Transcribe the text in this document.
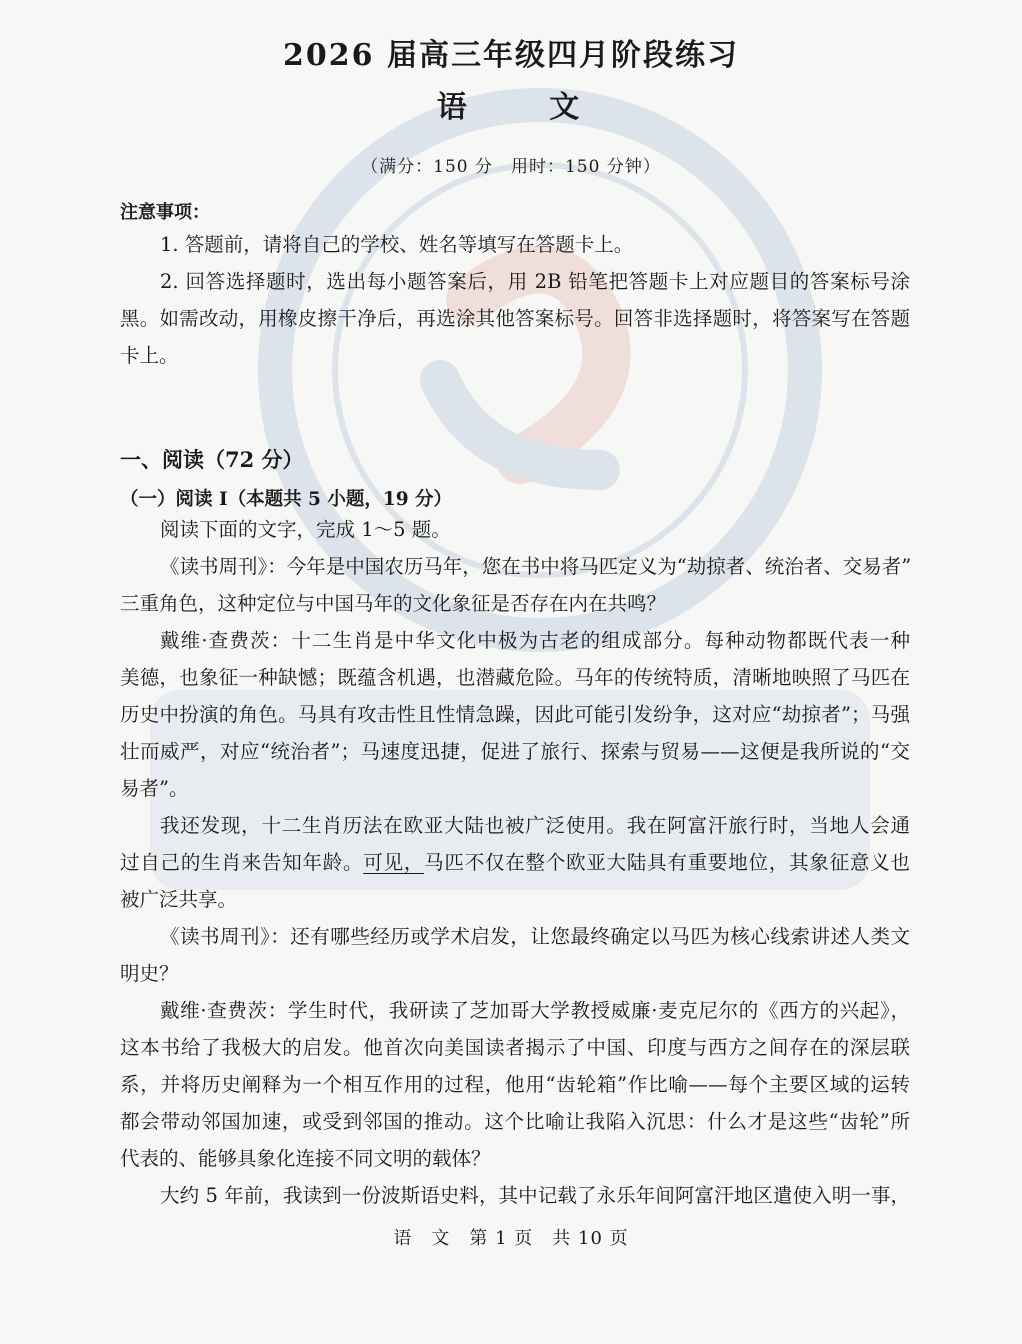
2026 届高三年级四月阶段练习
语 文
（满分：150 分　用时：150 分钟）
注意事项：
1. 答题前，请将自己的学校、姓名等填写在答题卡上。
2. 回答选择题时，选出每小题答案后，用 2B 铅笔把答题卡上对应题目的答案标号涂
黑。如需改动，用橡皮擦干净后，再选涂其他答案标号。回答非选择题时，将答案写在答题
卡上。
一、阅读（72 分）
（一）阅读 Ⅰ（本题共 5 小题，19 分）
阅读下面的文字，完成 1～5 题。
《读书周刊》：今年是中国农历马年，您在书中将马匹定义为“劫掠者、统治者、交易者”
三重角色，这种定位与中国马年的文化象征是否存在内在共鸣？
戴维·查费茨：十二生肖是中华文化中极为古老的组成部分。每种动物都既代表一种
美德，也象征一种缺憾；既蕴含机遇，也潜藏危险。马年的传统特质，清晰地映照了马匹在
历史中扮演的角色。马具有攻击性且性情急躁，因此可能引发纷争，这对应“劫掠者”；马强
壮而威严，对应“统治者”；马速度迅捷，促进了旅行、探索与贸易——这便是我所说的“交
易者”。
我还发现，十二生肖历法在欧亚大陆也被广泛使用。我在阿富汗旅行时，当地人会通
过自己的生肖来告知年龄。可见，马匹不仅在整个欧亚大陆具有重要地位，其象征意义也
被广泛共享。
《读书周刊》：还有哪些经历或学术启发，让您最终确定以马匹为核心线索讲述人类文
明史？
戴维·查费茨：学生时代，我研读了芝加哥大学教授威廉·麦克尼尔的《西方的兴起》，
这本书给了我极大的启发。他首次向美国读者揭示了中国、印度与西方之间存在的深层联
系，并将历史阐释为一个相互作用的过程，他用“齿轮箱”作比喻——每个主要区域的运转
都会带动邻国加速，或受到邻国的推动。这个比喻让我陷入沉思：什么才是这些“齿轮”所
代表的、能够具象化连接不同文明的载体？
大约 5 年前，我读到一份波斯语史料，其中记载了永乐年间阿富汗地区遣使入明一事，
语　文　第 1 页　共 10 页
